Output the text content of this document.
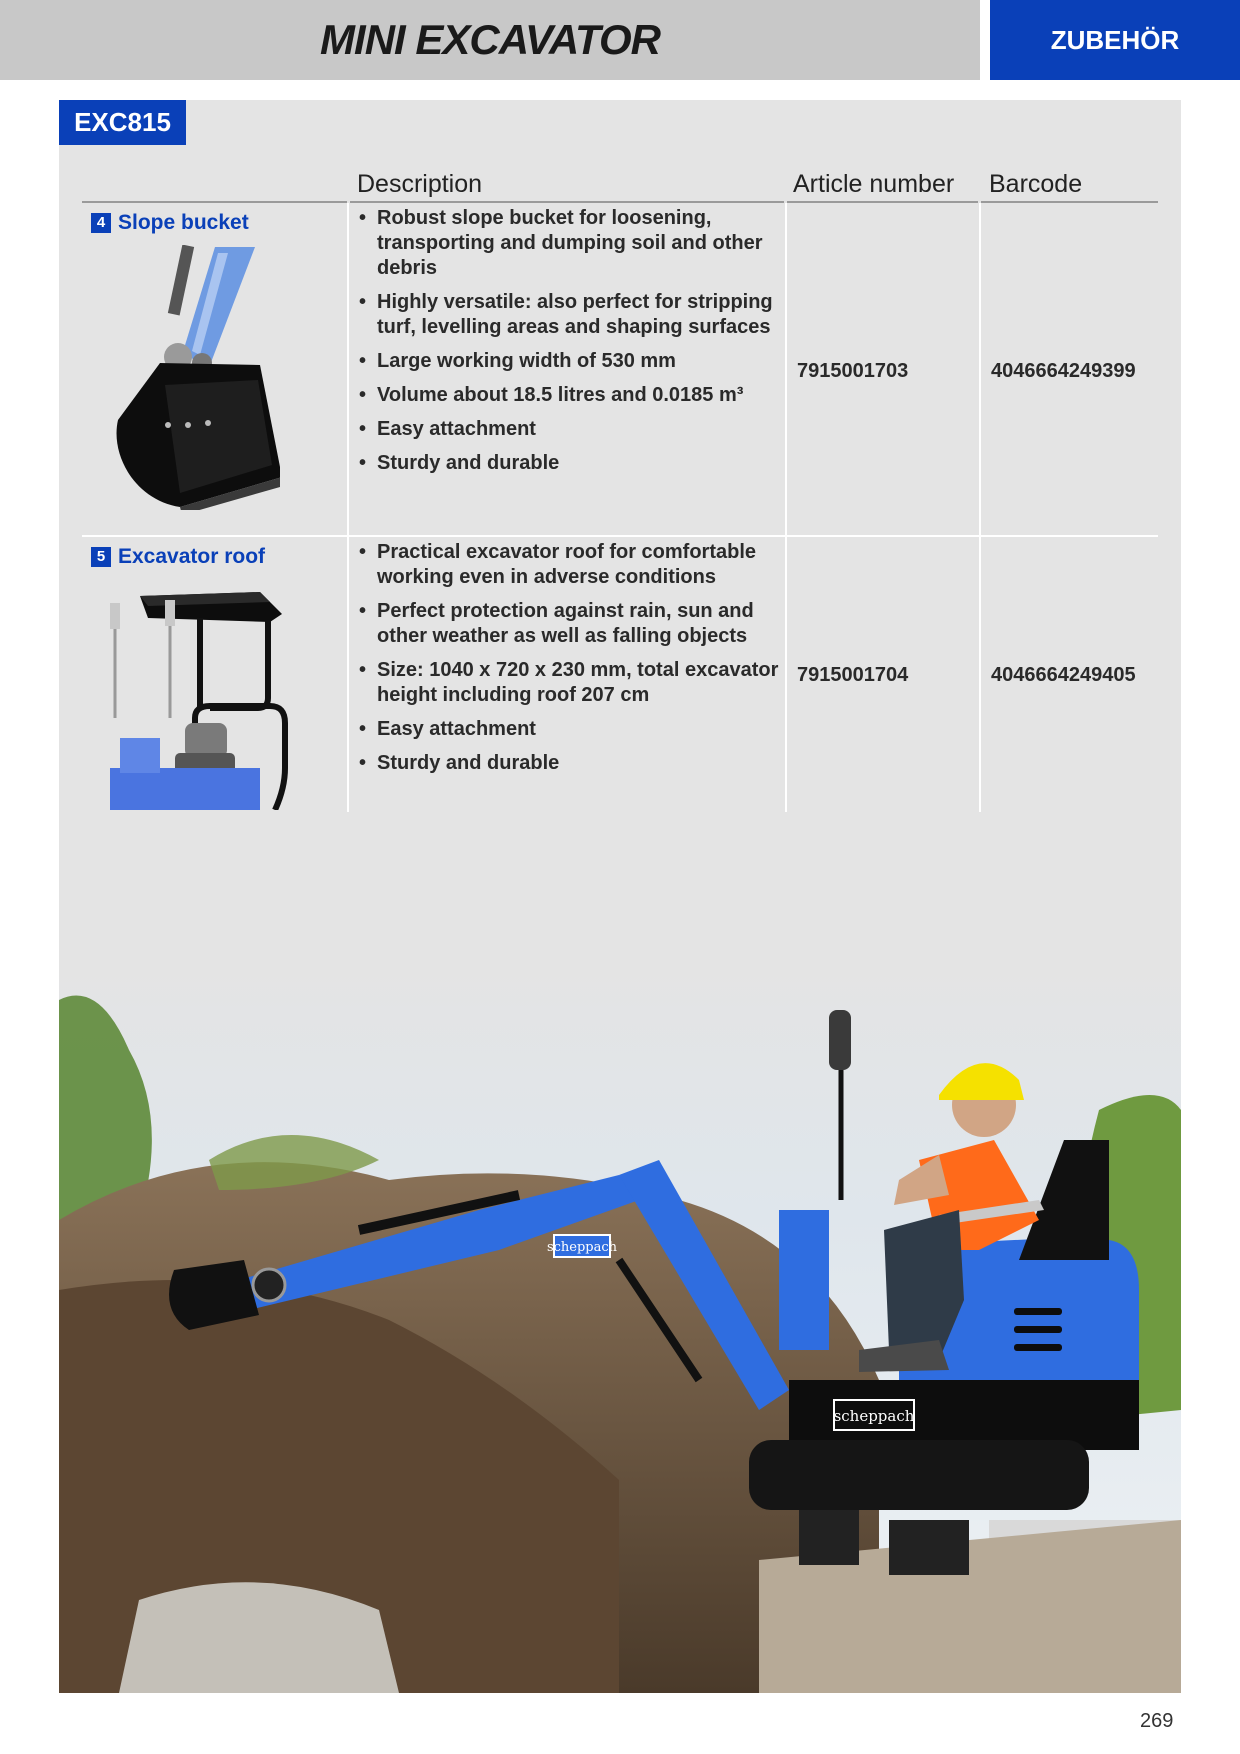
MINI EXCAVATOR	ZUBEHÖR
EXC815
Description	Article number Barcode
4 Slope bucket	• Robust slope bucket for loosening, transporting and dumping soil and other debris
• Highly versatile: also perfect for stripping turf, levelling areas and shaping surfaces
• Large working width of 530 mm
• Volume about 18.5 litres and 0.0185 m³
• Easy attachment
• Sturdy and durable
7915001703	4046664249399
5 Excavator roof	• Practical excavator roof for comfortable working even in adverse conditions
• Perfect protection against rain, sun and other weather as well as falling objects
• Size: 1040 x 720 x 230 mm, total excavator height including roof 207 cm
• Easy attachment
• Sturdy and durable
7915001704	4046664249405
scheppach
scheppach
269
